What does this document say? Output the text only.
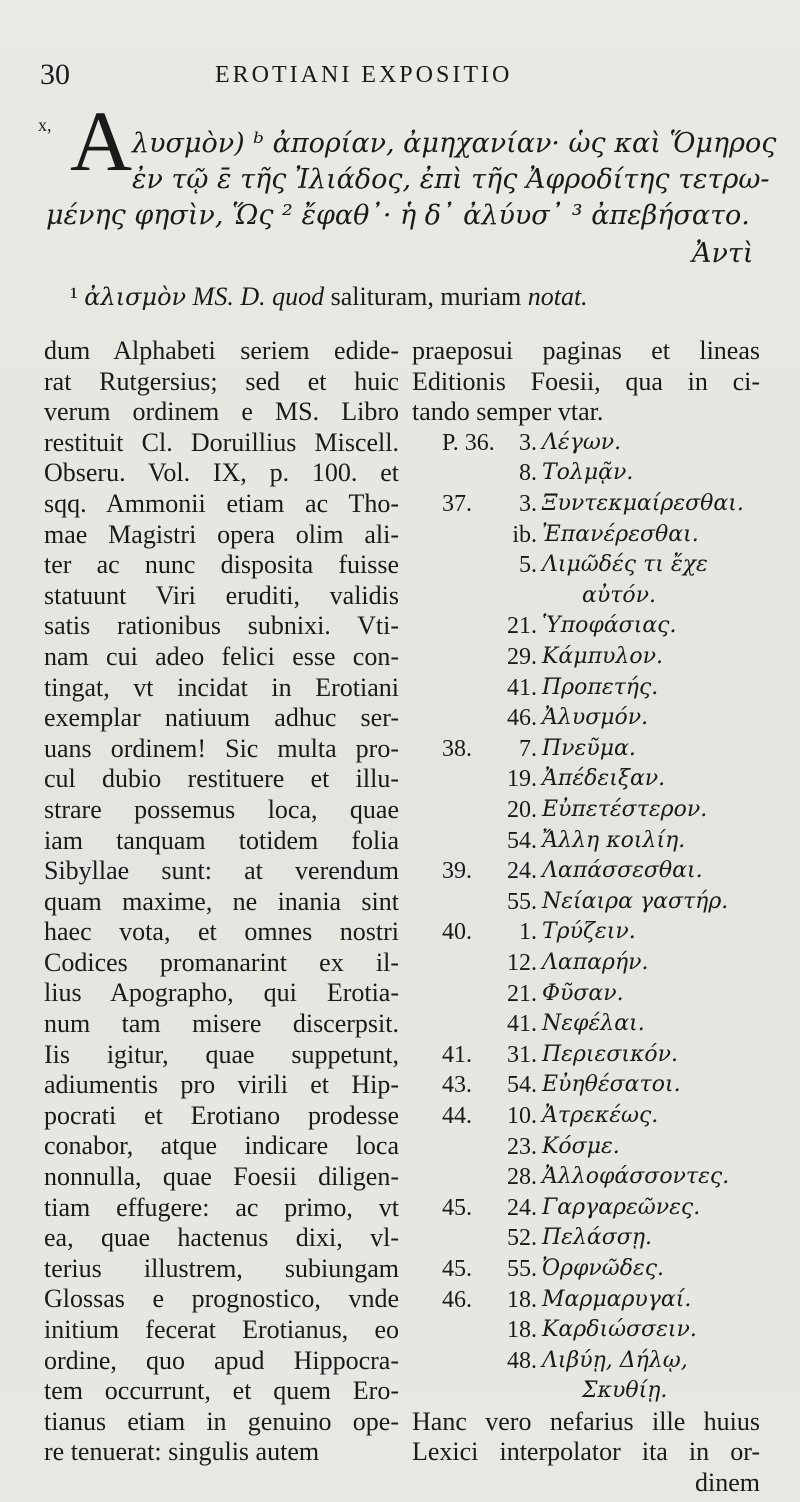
30	EROTIANI EXPOSITIO
x, A λυσμὸν) ᵇ ἀπορίαν, ἀμηχανίαν· ὡς καὶ Ὅμηρος
ἐν τῷ ε̄ τῆς Ἰλιάδος, ἐπὶ τῆς Ἀφροδίτης τετρω-
μένης φησὶν, Ὥς ² ἔφαθ᾽· ἡ δ᾽ ἀλύυσ᾽ ³ ἀπεβήσατο.
Ἀντὶ
¹ ἀλισμὸν MS. D. quod salituram, muriam notat.
dum Alphabeti seriem edide-
rat Rutgersius; sed et huic
verum ordinem e MS. Libro
restituit Cl. Doruillius Miscell.
Obseru. Vol. IX, p. 100. et
sqq. Ammonii etiam ac Tho-
mae Magistri opera olim ali-
ter ac nunc disposita fuisse
statuunt Viri eruditi, validis
satis rationibus subnixi. Vti-
nam cui adeo felici esse con-
tingat, vt incidat in Erotiani
exemplar natiuum adhuc ser-
uans ordinem! Sic multa pro-
cul dubio restituere et illu-
strare possemus loca, quae
iam tanquam totidem folia
Sibyllae sunt: at verendum
quam maxime, ne inania sint
haec vota, et omnes nostri
Codices promanarint ex il-
lius Apographo, qui Erotia-
num tam misere discerpsit.
Iis igitur, quae suppetunt,
adiumentis pro virili et Hip-
pocrati et Erotiano prodesse
conabor, atque indicare loca
nonnulla, quae Foesii diligen-
tiam effugere: ac primo, vt
ea, quae hactenus dixi, vl-
terius illustrem, subiungam
Glossas e prognostico, vnde
initium fecerat Erotianus, eo
ordine, quo apud Hippocra-
tem occurrunt, et quem Ero-
tianus etiam in genuino ope-
re tenuerat: singulis autem
praeposui paginas et lineas
Editionis Foesii, qua in ci-
tando semper vtar.
P. 36.	3. Λέγων.
8. Τολμᾷν.
37.	3. Ξυντεκμαίρεσθαι.
ib. Ἐπανέρεσθαι.
5. Λιμῶδές τι ἔχε
αὐτόν.
21. Ὑποφάσιας.
29. Κάμπυλον.
41. Προπετής.
46. Ἀλυσμόν.
38.	7. Πνεῦμα.
19. Ἀπέδειξαν.
20. Εὐπετέστερον.
54. Ἄλλη κοιλίη.
39.	24. Λαπάσσεσθαι.
55. Νείαιρα γαστήρ.
40.	1. Τρύζειν.
12. Λαπαρήν.
21. Φῦσαν.
41. Νεφέλαι.
41.	31. Περιεσικόν.
43.	54. Εὐηθέσατοι.
44.	10. Ἀτρεκέως.
23. Κόσμε.
28. Ἀλλοφάσσοντες.
45.	24. Γαργαρεῶνες.
52. Πελάσσῃ.
45.	55. Ὀρφνῶδες.
46.	18. Μαρμαρυγαί.
18. Καρδιώσσειν.
48. Λιβύῃ, Δήλῳ,
Σκυθίῃ.
Hanc vero nefarius ille huius
Lexici interpolator ita in or-
dinem
